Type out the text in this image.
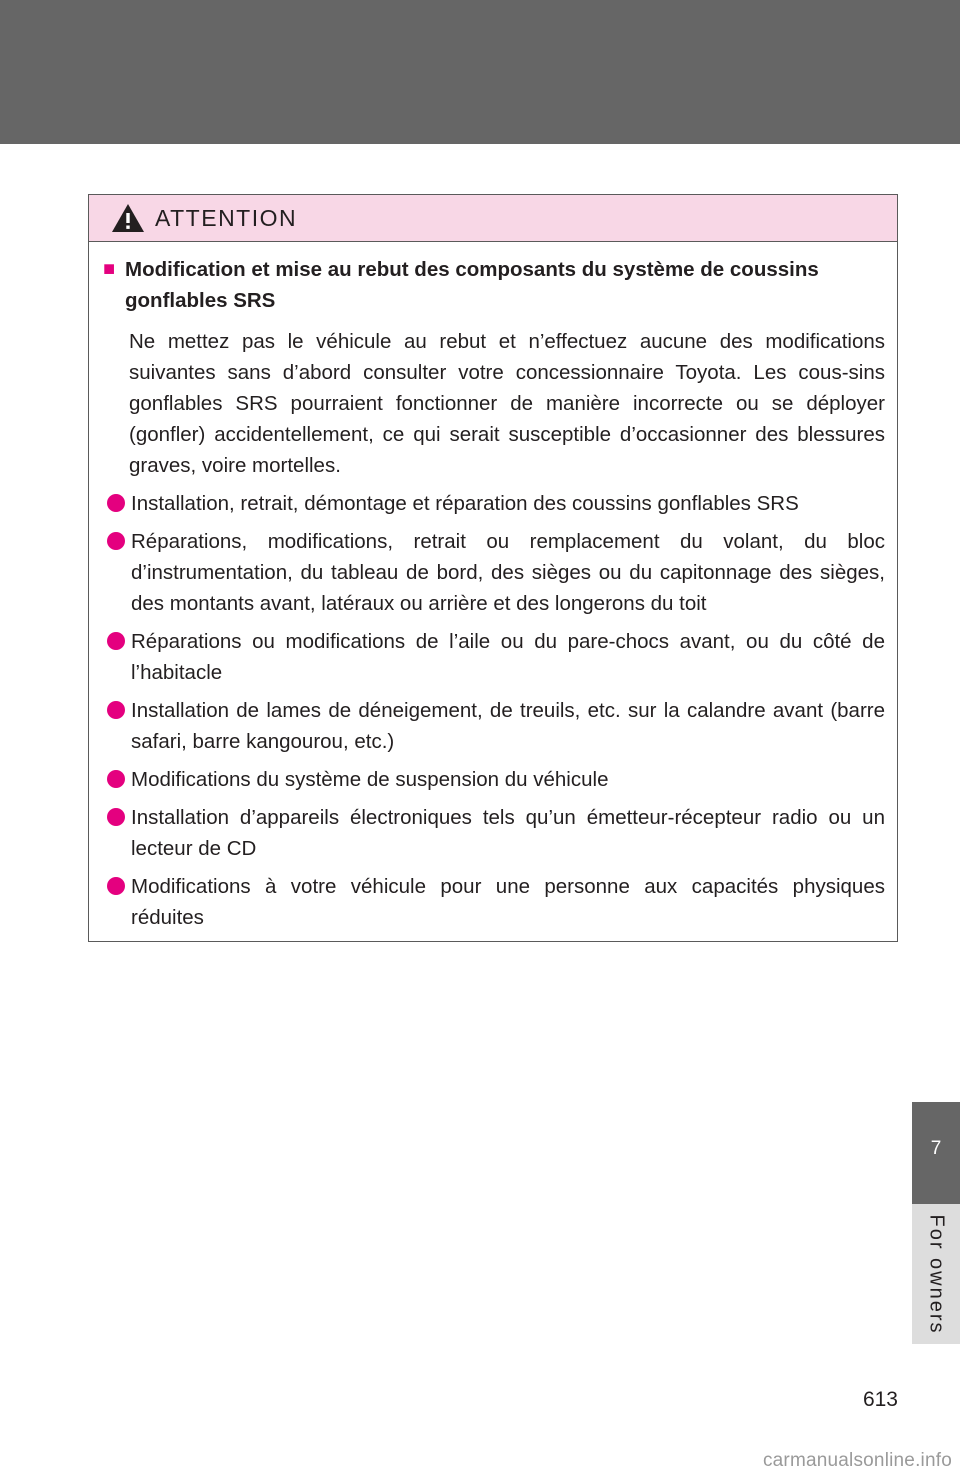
ATTENTION
■ Modification et mise au rebut des composants du système de coussins gonflables SRS
Ne mettez pas le véhicule au rebut et n’effectuez aucune des modifications suivantes sans d’abord consulter votre concessionnaire Toyota. Les cous-sins gonflables SRS pourraient fonctionner de manière incorrecte ou se déployer (gonfler) accidentellement, ce qui serait susceptible d’occasionner des blessures graves, voire mortelles.
Installation, retrait, démontage et réparation des coussins gonflables SRS
Réparations, modifications, retrait ou remplacement du volant, du bloc d’instrumentation, du tableau de bord, des sièges ou du capitonnage des sièges, des montants avant, latéraux ou arrière et des longerons du toit
Réparations ou modifications de l’aile ou du pare-chocs avant, ou du côté de l’habitacle
Installation de lames de déneigement, de treuils, etc. sur la calandre avant (barre safari, barre kangourou, etc.)
Modifications du système de suspension du véhicule
Installation d’appareils électroniques tels qu’un émetteur-récepteur radio ou un lecteur de CD
Modifications à votre véhicule pour une personne aux capacités physiques réduites
7
For owners
613
carmanualsonline.info
